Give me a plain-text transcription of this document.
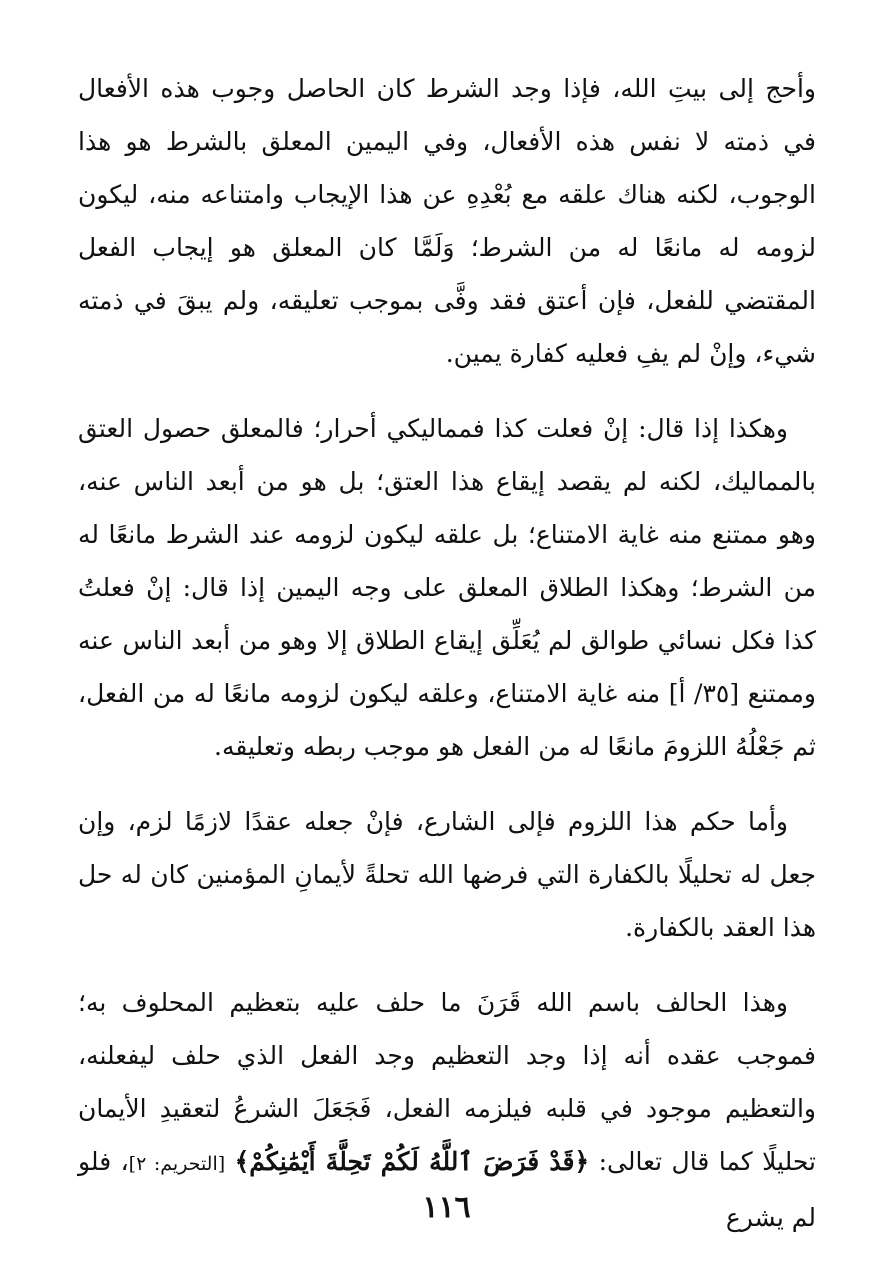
وأحج إلى بيتِ الله، فإذا وجد الشرط كان الحاصل وجوب هذه الأفعال في ذمته لا نفس هذه الأفعال، وفي اليمين المعلق بالشرط هو هذا الوجوب، لكنه هناك علقه مع بُعْدِهِ عن هذا الإيجاب وامتناعه منه، ليكون لزومه له مانعًا له من الشرط؛ وَلَمَّا كان المعلق هو إيجاب الفعل المقتضي للفعل، فإن أعتق فقد وفَّى بموجب تعليقه، ولم يبقَ في ذمته شيء، وإنْ لم يفِ فعليه كفارة يمين.

وهكذا إذا قال: إنْ فعلت كذا فمماليكي أحرار؛ فالمعلق حصول العتق بالمماليك، لكنه لم يقصد إيقاع هذا العتق؛ بل هو من أبعد الناس عنه، وهو ممتنع منه غاية الامتناع؛ بل علقه ليكون لزومه عند الشرط مانعًا له من الشرط؛ وهكذا الطلاق المعلق على وجه اليمين إذا قال: إنْ فعلتُ كذا فكل نسائي طوالق لم يُعَلِّق إيقاع الطلاق إلا وهو من أبعد الناس عنه وممتنع [٣٥/ أ] منه غاية الامتناع، وعلقه ليكون لزومه مانعًا له من الفعل، ثم جَعْلُهُ اللزومَ مانعًا له من الفعل هو موجب ربطه وتعليقه.

وأما حكم هذا اللزوم فإلى الشارع، فإنْ جعله عقدًا لازمًا لزم، وإن جعل له تحليلًا بالكفارة التي فرضها الله تحلةً لأيمانِ المؤمنين كان له حل هذا العقد بالكفارة.

وهذا الحالف باسم الله قَرَنَ ما حلف عليه بتعظيم المحلوف به؛ فموجب عقده أنه إذا وجد التعظيم وجد الفعل الذي حلف ليفعلنه، والتعظيم موجود في قلبه فيلزمه الفعل، فَجَعَلَ الشرعُ لتعقيدِ الأيمان تحليلًا كما قال تعالى: ﴿قَدْ فَرَضَ ٱللَّهُ لَكُمْ تَحِلَّةَ أَيْمَٰنِكُمْ﴾ [التحريم: ٢]، فلو لم يشرع

١١٦
